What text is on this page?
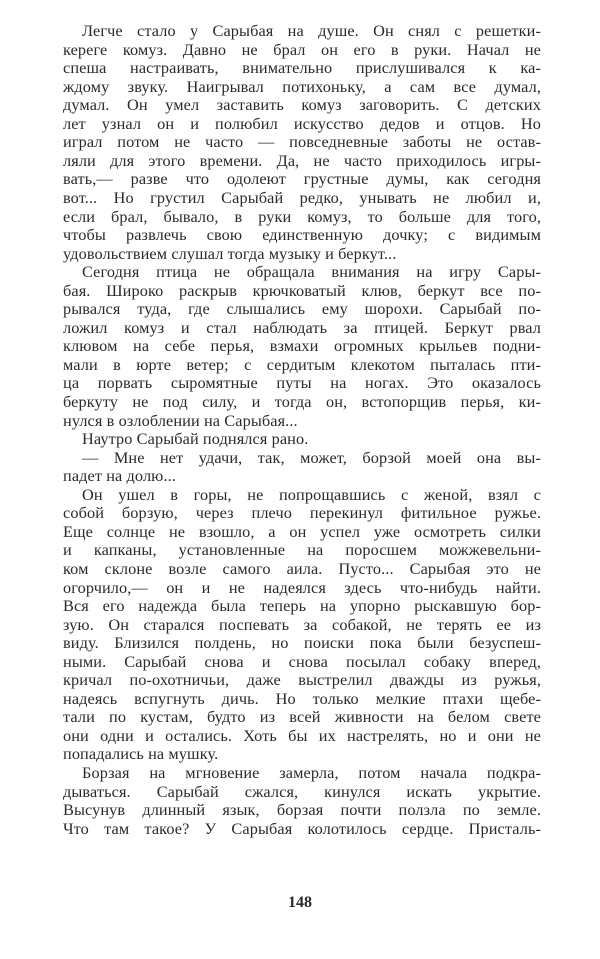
Легче стало у Сарыбая на душе. Он снял с решетки-
кереге комуз. Давно не брал он его в руки. Начал не
спеша настраивать, внимательно прислушивался к ка-
ждому звуку. Наигрывал потихоньку, а сам все думал,
думал. Он умел заставить комуз заговорить. С детских
лет узнал он и полюбил искусство дедов и отцов. Но
играл потом не часто — повседневные заботы не остав-
ляли для этого времени. Да, не часто приходилось игры-
вать,— разве что одолеют грустные думы, как сегодня
вот... Но грустил Сарыбай редко, унывать не любил и,
если брал, бывало, в руки комуз, то больше для того,
чтобы развлечь свою единственную дочку; с видимым
удовольствием слушал тогда музыку и беркут...
Сегодня птица не обращала внимания на игру Сары-
бая. Широко раскрыв крючковатый клюв, беркут все по-
рывался туда, где слышались ему шорохи. Сарыбай по-
ложил комуз и стал наблюдать за птицей. Беркут рвал
клювом на себе перья, взмахи огромных крыльев подни-
мали в юрте ветер; с сердитым клекотом пыталась пти-
ца порвать сыромятные путы на ногах. Это оказалось
беркуту не под силу, и тогда он, встопорщив перья, ки-
нулся в озлоблении на Сарыбая...
Наутро Сарыбай поднялся рано.
— Мне нет удачи, так, может, борзой моей она вы-
падет на долю...
Он ушел в горы, не попрощавшись с женой, взял с
собой борзую, через плечо перекинул фитильное ружье.
Еще солнце не взошло, а он успел уже осмотреть силки
и капканы, установленные на поросшем можжевельни-
ком склоне возле самого аила. Пусто... Сарыбая это не
огорчило,— он и не надеялся здесь что-нибудь найти.
Вся его надежда была теперь на упорно рыскавшую бор-
зую. Он старался поспевать за собакой, не терять ее из
виду. Близился полдень, но поиски пока были безуспеш-
ными. Сарыбай снова и снова посылал собаку вперед,
кричал по-охотничьи, даже выстрелил дважды из ружья,
надеясь вспугнуть дичь. Но только мелкие птахи щебе-
тали по кустам, будто из всей живности на белом свете
они одни и остались. Хоть бы их настрелять, но и они не
попадались на мушку.
Борзая на мгновение замерла, потом начала подкра-
дываться. Сарыбай сжался, кинулся искать укрытие.
Высунув длинный язык, борзая почти ползла по земле.
Что там такое? У Сарыбая колотилось сердце. Присталь-
148
